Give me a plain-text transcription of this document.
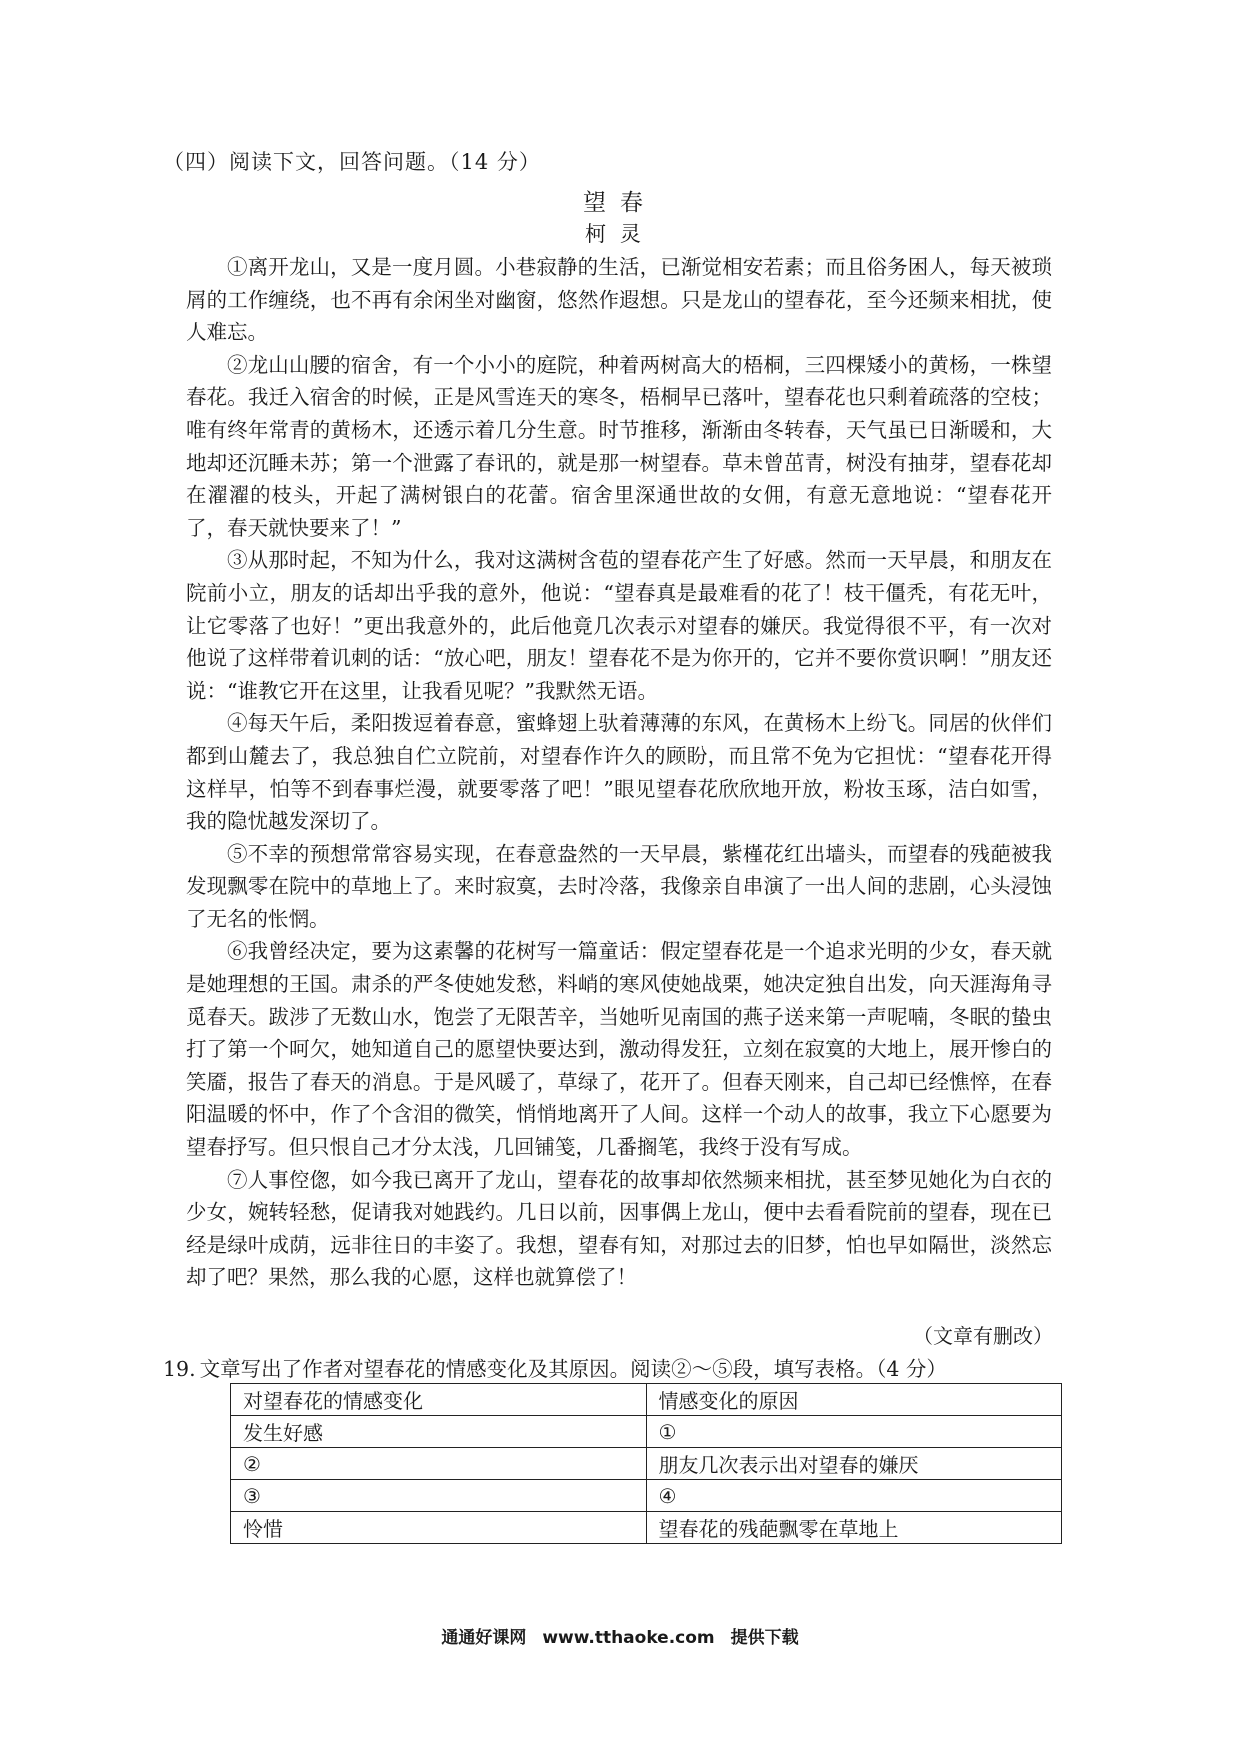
（四）阅读下文，回答问题。（14 分）
望春
柯灵

①离开龙山，又是一度月圆。小巷寂静的生活，已渐觉相安若素；而且俗务困人，每天被琐屑的工作缠绕，也不再有余闲坐对幽窗，悠然作遐想。只是龙山的望春花，至今还频来相扰，使人难忘。

②龙山山腰的宿舍，有一个小小的庭院，种着两树高大的梧桐，三四棵矮小的黄杨，一株望春花。我迁入宿舍的时候，正是风雪连天的寒冬，梧桐早已落叶，望春花也只剩着疏落的空枝；唯有终年常青的黄杨木，还透示着几分生意。时节推移，渐渐由冬转春，天气虽已日渐暖和，大地却还沉睡未苏；第一个泄露了春讯的，就是那一树望春。草未曾茁青，树没有抽芽，望春花却在濯濯的枝头，开起了满树银白的花蕾。宿舍里深通世故的女佣，有意无意地说：“望春花开了，春天就快要来了！”

③从那时起，不知为什么，我对这满树含苞的望春花产生了好感。然而一天早晨，和朋友在院前小立，朋友的话却出乎我的意外，他说：“望春真是最难看的花了！枝干僵秃，有花无叶，让它零落了也好！”更出我意外的，此后他竟几次表示对望春的嫌厌。我觉得很不平，有一次对他说了这样带着讥刺的话：“放心吧，朋友！望春花不是为你开的，它并不要你赏识啊！”朋友还说：“谁教它开在这里，让我看见呢？”我默然无语。

④每天午后，柔阳拨逗着春意，蜜蜂翅上驮着薄薄的东风，在黄杨木上纷飞。同居的伙伴们都到山麓去了，我总独自伫立院前，对望春作许久的顾盼，而且常不免为它担忧：“望春花开得这样早，怕等不到春事烂漫，就要零落了吧！”眼见望春花欣欣地开放，粉妆玉琢，洁白如雪，我的隐忧越发深切了。

⑤不幸的预想常常容易实现，在春意盎然的一天早晨，紫槿花红出墙头，而望春的残葩被我发现飘零在院中的草地上了。来时寂寞，去时冷落，我像亲自串演了一出人间的悲剧，心头浸蚀了无名的怅惘。

⑥我曾经决定，要为这素馨的花树写一篇童话：假定望春花是一个追求光明的少女，春天就是她理想的王国。肃杀的严冬使她发愁，料峭的寒风使她战栗，她决定独自出发，向天涯海角寻觅春天。跋涉了无数山水，饱尝了无限苦辛，当她听见南国的燕子送来第一声呢喃，冬眠的蛰虫打了第一个呵欠，她知道自己的愿望快要达到，激动得发狂，立刻在寂寞的大地上，展开惨白的笑靥，报告了春天的消息。于是风暖了，草绿了，花开了。但春天刚来，自己却已经憔悴，在春阳温暖的怀中，作了个含泪的微笑，悄悄地离开了人间。这样一个动人的故事，我立下心愿要为望春抒写。但只恨自己才分太浅，几回铺笺，几番搁笔，我终于没有写成。

⑦人事倥偬，如今我已离开了龙山，望春花的故事却依然频来相扰，甚至梦见她化为白衣的少女，婉转轻愁，促请我对她践约。几日以前，因事偶上龙山，便中去看看院前的望春，现在已经是绿叶成荫，远非往日的丰姿了。我想，望春有知，对那过去的旧梦，怕也早如隔世，淡然忘却了吧？果然，那么我的心愿，这样也就算偿了！

（文章有删改）
19. 文章写出了作者对望春花的情感变化及其原因。阅读②～⑤段，填写表格。（4 分）
对望春花的情感变化	情感变化的原因
发生好感	①
②	朋友几次表示出对望春的嫌厌
③	④
怜惜	望春花的残葩飘零在草地上
通通好课网 www.tthaoke.com 提供下载
